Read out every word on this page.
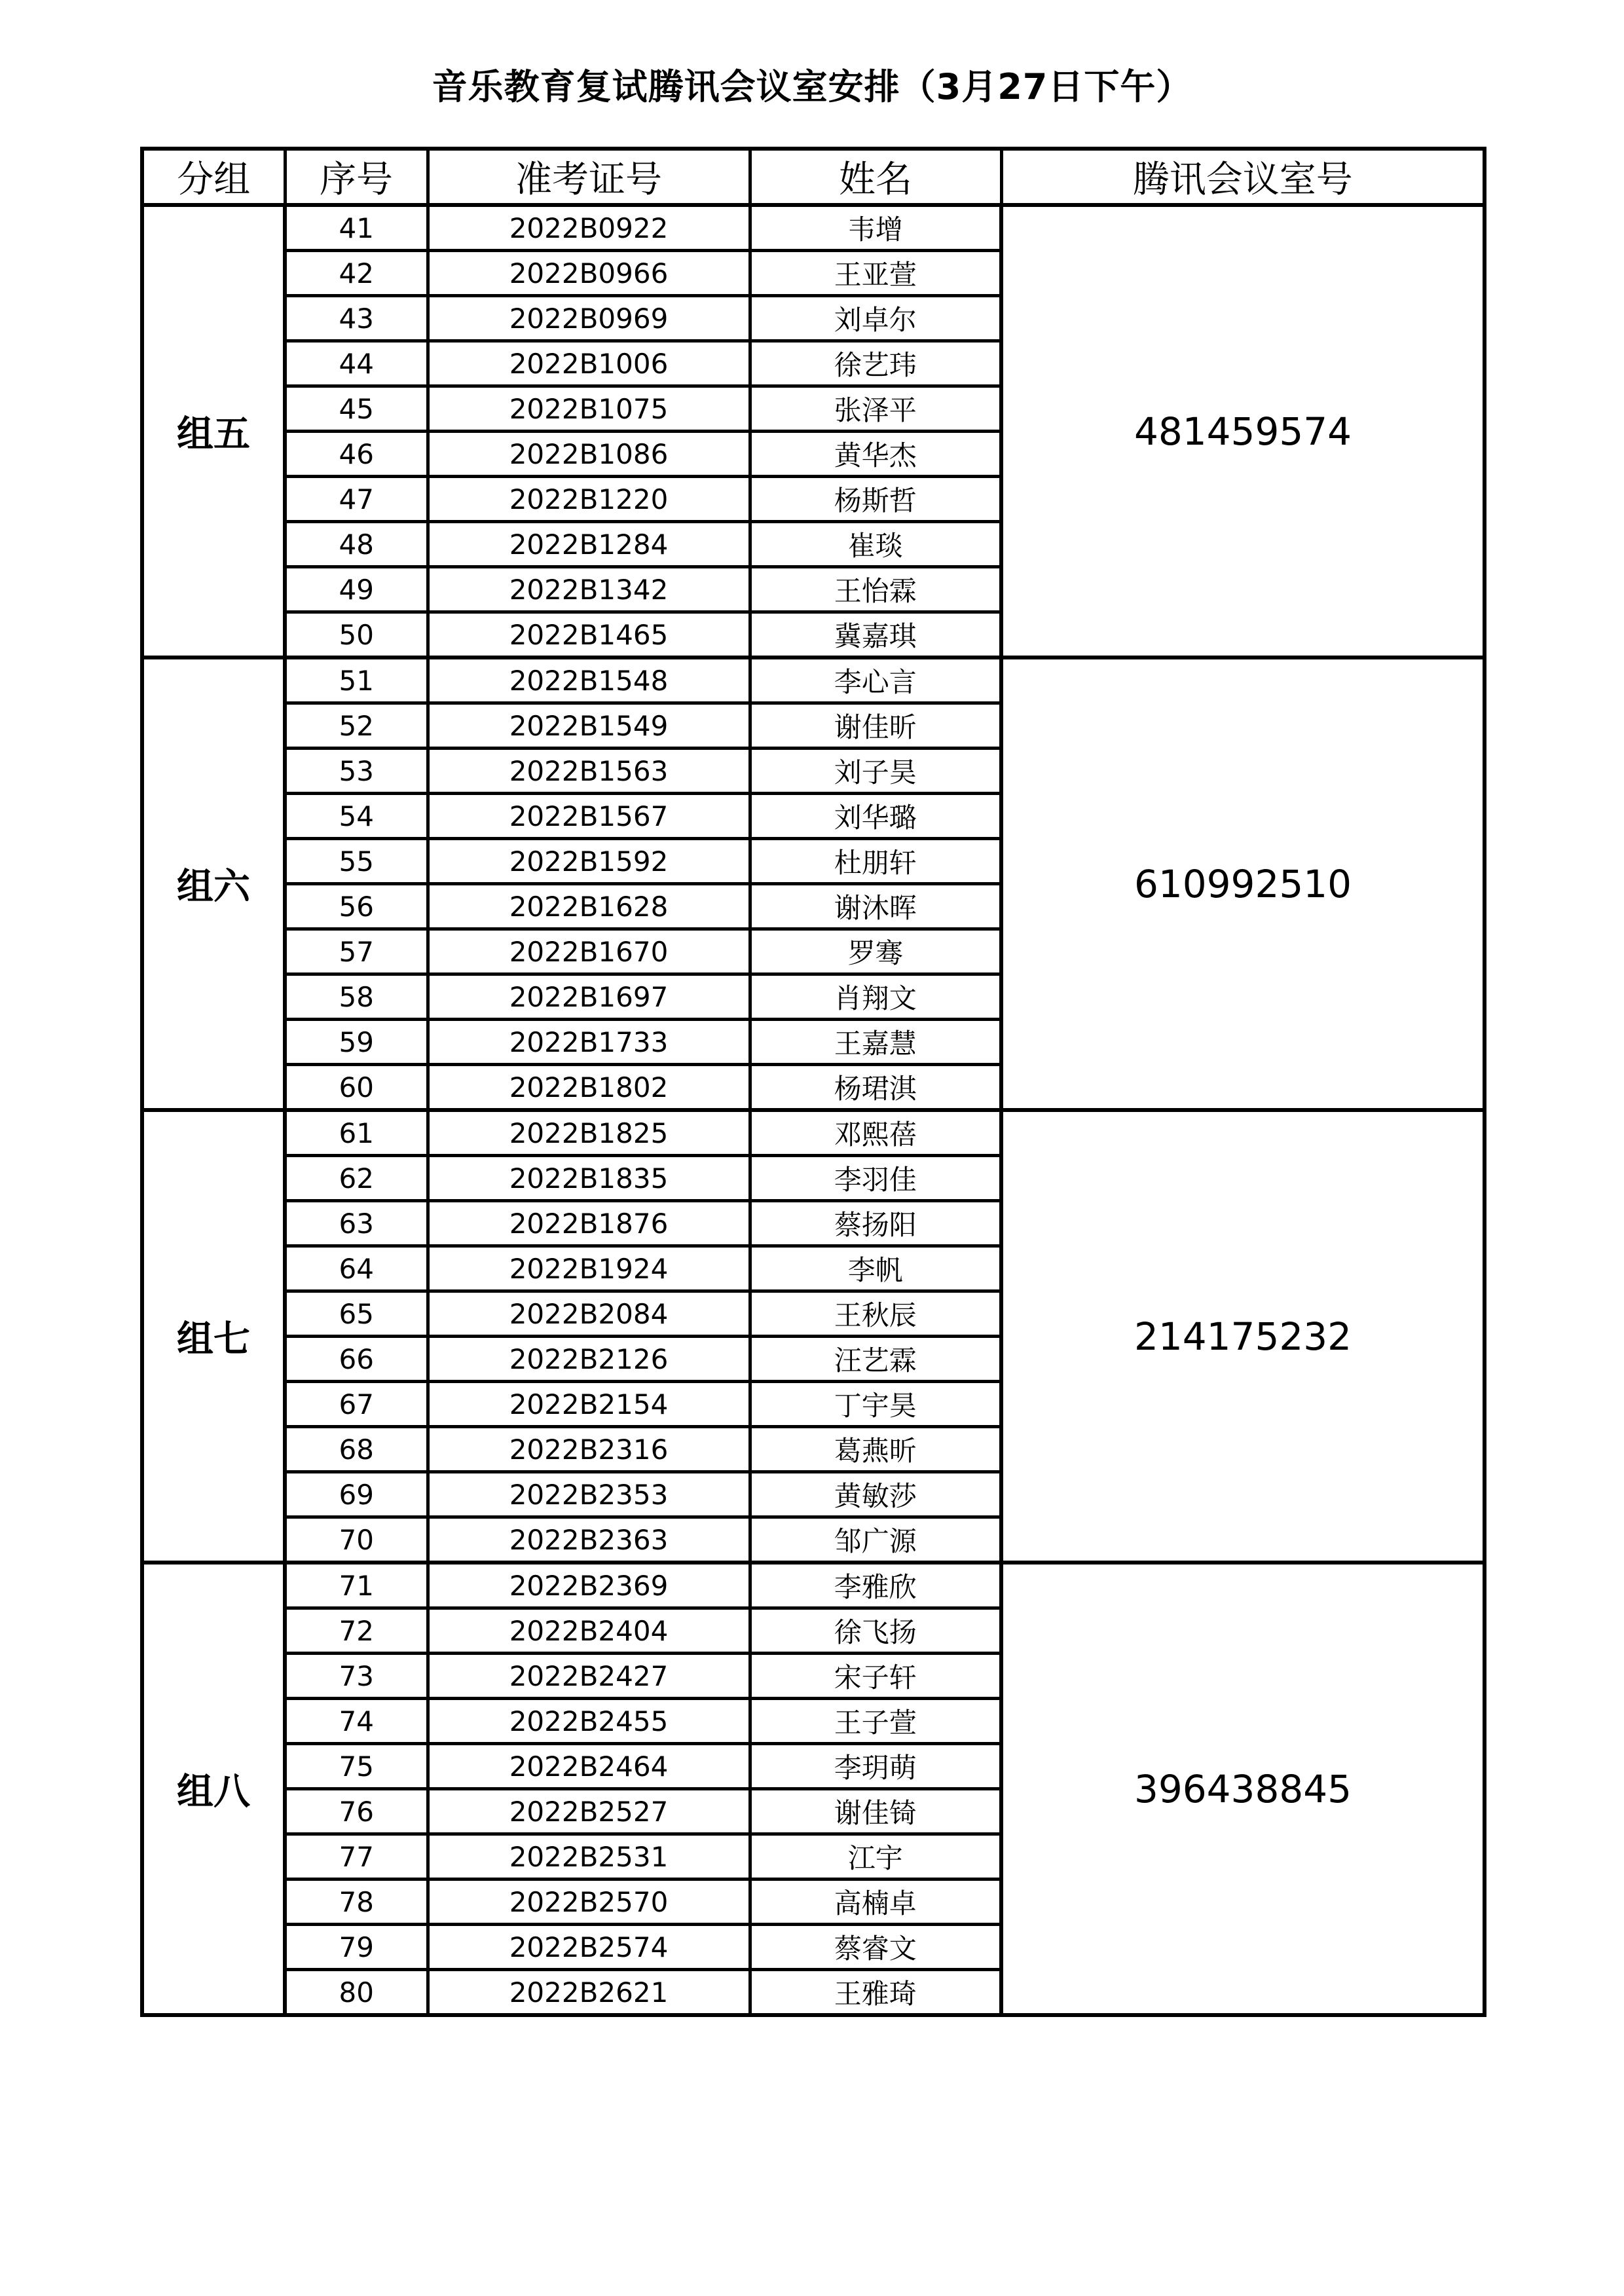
音乐教育复试腾讯会议室安排（3月27日下午）
分组	序号	准考证号	姓名	腾讯会议室号
组五	41	2022B0922	韦增	481459574
	42	2022B0966	王亚萱	
	43	2022B0969	刘卓尔	
	44	2022B1006	徐艺玮	
	45	2022B1075	张泽平	
	46	2022B1086	黄华杰	
	47	2022B1220	杨斯哲	
	48	2022B1284	崔琰	
	49	2022B1342	王怡霖	
	50	2022B1465	冀嘉琪	
组六	51	2022B1548	李心言	610992510
	52	2022B1549	谢佳昕	
	53	2022B1563	刘子昊	
	54	2022B1567	刘华璐	
	55	2022B1592	杜朋轩	
	56	2022B1628	谢沐晖	
	57	2022B1670	罗骞	
	58	2022B1697	肖翔文	
	59	2022B1733	王嘉慧	
	60	2022B1802	杨珺淇	
组七	61	2022B1825	邓熙蓓	214175232
	62	2022B1835	李羽佳	
	63	2022B1876	蔡扬阳	
	64	2022B1924	李帆	
	65	2022B2084	王秋辰	
	66	2022B2126	汪艺霖	
	67	2022B2154	丁宇昊	
	68	2022B2316	葛燕昕	
	69	2022B2353	黄敏莎	
	70	2022B2363	邹广源	
组八	71	2022B2369	李雅欣	396438845
	72	2022B2404	徐飞扬	
	73	2022B2427	宋子轩	
	74	2022B2455	王子萱	
	75	2022B2464	李玥萌	
	76	2022B2527	谢佳锜	
	77	2022B2531	江宇	
	78	2022B2570	高楠卓	
	79	2022B2574	蔡睿文	
	80	2022B2621	王雅琦	
